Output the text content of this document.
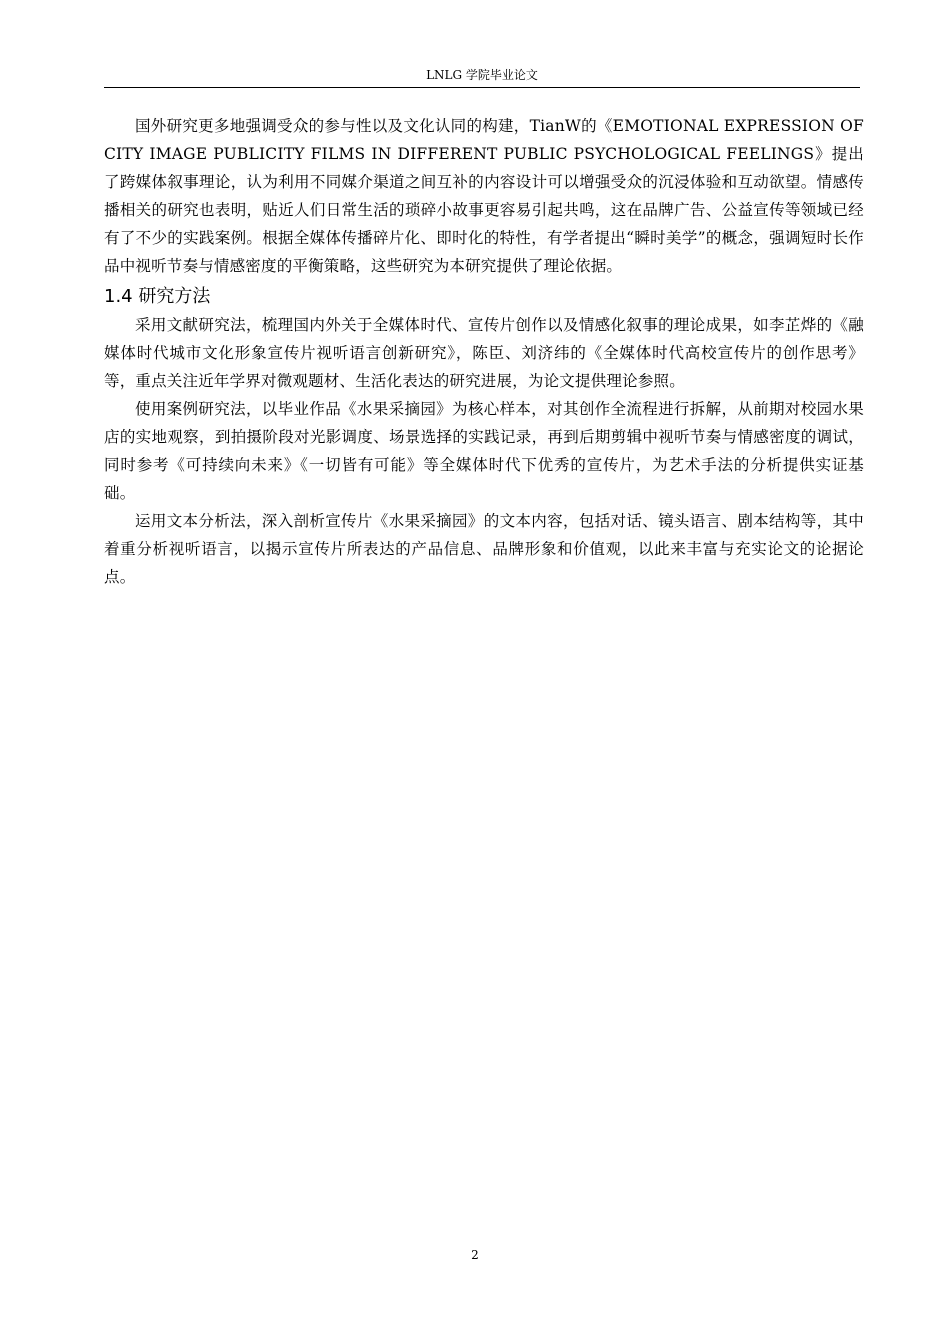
LNLG 学院毕业论文

国外研究更多地强调受众的参与性以及文化认同的构建，TianW的《EMOTIONAL EXPRESSION OF CITY IMAGE PUBLICITY FILMS IN DIFFERENT PUBLIC PSYCHOLOGICAL FEELINGS》提出了跨媒体叙事理论，认为利用不同媒介渠道之间互补的内容设计可以增强受众的沉浸体验和互动欲望。情感传播相关的研究也表明，贴近人们日常生活的琐碎小故事更容易引起共鸣，这在品牌广告、公益宣传等领域已经有了不少的实践案例。根据全媒体传播碎片化、即时化的特性，有学者提出“瞬时美学”的概念，强调短时长作品中视听节奏与情感密度的平衡策略，这些研究为本研究提供了理论依据。

1.4 研究方法

采用文献研究法，梳理国内外关于全媒体时代、宣传片创作以及情感化叙事的理论成果，如李芷烨的《融媒体时代城市文化形象宣传片视听语言创新研究》，陈臣、刘济纬的《全媒体时代高校宣传片的创作思考》等，重点关注近年学界对微观题材、生活化表达的研究进展，为论文提供理论参照。

使用案例研究法，以毕业作品《水果采摘园》为核心样本，对其创作全流程进行拆解，从前期对校园水果店的实地观察，到拍摄阶段对光影调度、场景选择的实践记录，再到后期剪辑中视听节奏与情感密度的调试，同时参考《可持续向未来》《一切皆有可能》等全媒体时代下优秀的宣传片，为艺术手法的分析提供实证基础。

运用文本分析法，深入剖析宣传片《水果采摘园》的文本内容，包括对话、镜头语言、剧本结构等，其中着重分析视听语言，以揭示宣传片所表达的产品信息、品牌形象和价值观，以此来丰富与充实论文的论据论点。

2
